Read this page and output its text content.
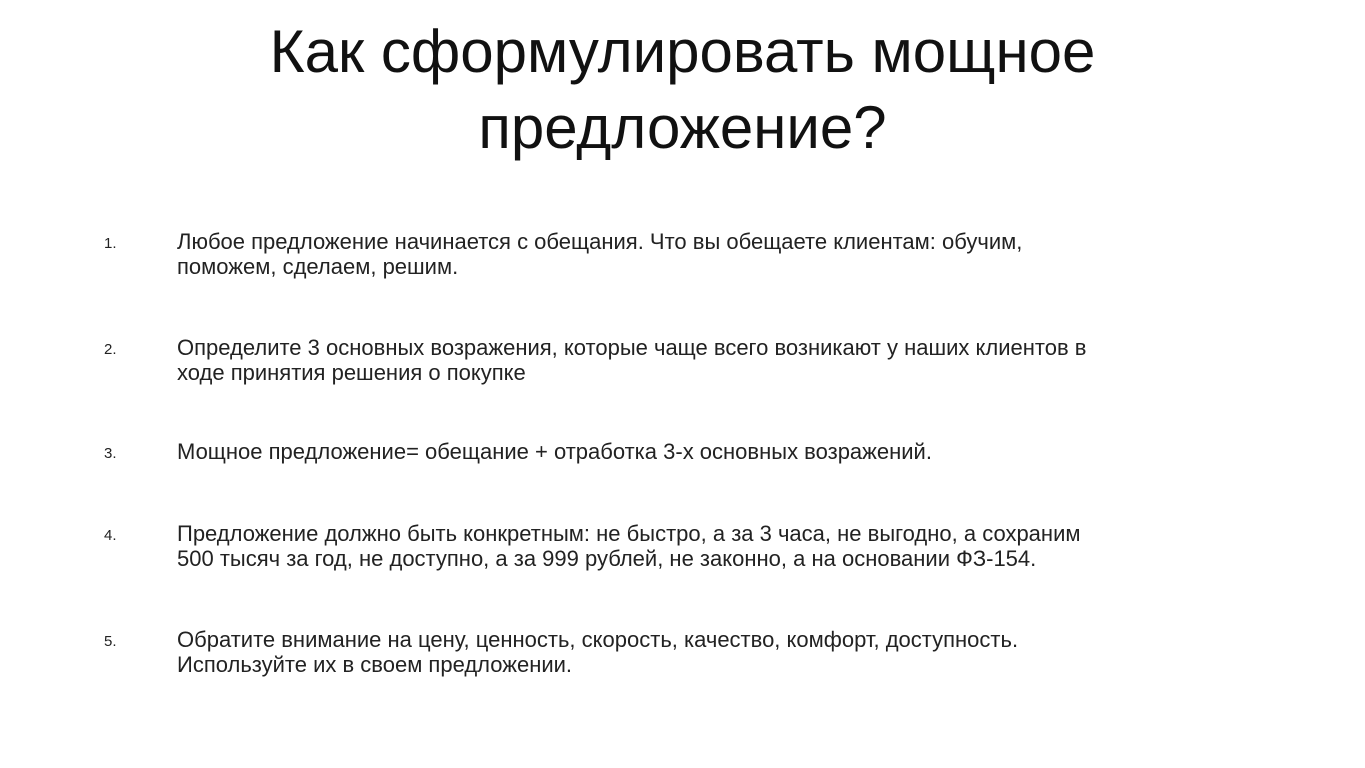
Как сформулировать мощное
предложение?
1.	Любое предложение начинается с обещания. Что вы обещаете клиентам: обучим,
поможем, сделаем, решим.
2.	Определите 3 основных возражения, которые чаще всего возникают у наших клиентов в
ходе принятия решения о покупке
3.	Мощное предложение= обещание + отработка 3-х основных возражений.
4.	Предложение должно быть конкретным: не быстро, а за 3 часа, не выгодно, а сохраним
500 тысяч за год, не доступно, а за 999 рублей, не законно, а на основании ФЗ-154.
5.	Обратите внимание на цену, ценность, скорость, качество, комфорт, доступность.
Используйте их в своем предложении.
